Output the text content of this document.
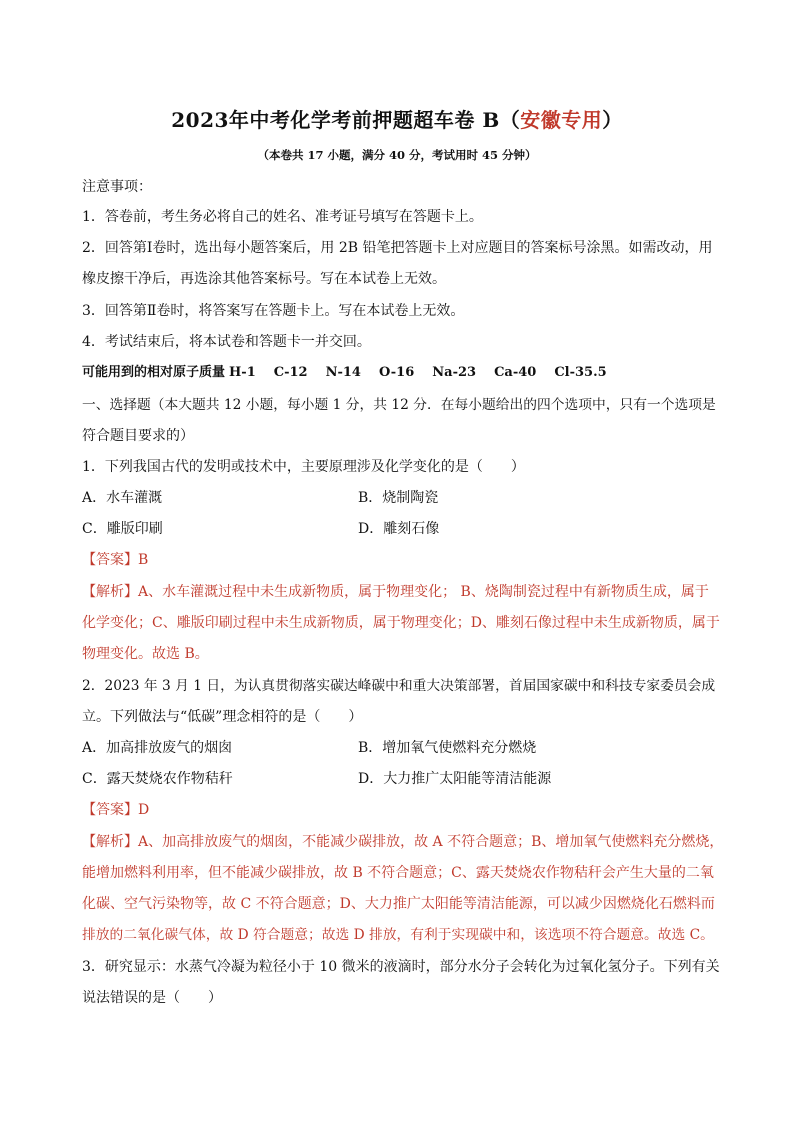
2023年中考化学考前押题超车卷 B（安徽专用）
（本卷共 17 小题，满分 40 分，考试用时 45 分钟）
注意事项：
1．答卷前，考生务必将自己的姓名、准考证号填写在答题卡上。
2．回答第Ⅰ卷时，选出每小题答案后，用 2B 铅笔把答题卡上对应题目的答案标号涂黑。如需改动，用
橡皮擦干净后，再选涂其他答案标号。写在本试卷上无效。
3．回答第Ⅱ卷时，将答案写在答题卡上。写在本试卷上无效。
4．考试结束后，将本试卷和答题卡一并交回。
可能用到的相对原子质量 H-1 C-12 N-14 O-16 Na-23 Ca-40 Cl-35.5
一、选择题（本大题共 12 小题，每小题 1 分，共 12 分．在每小题给出的四个选项中，只有一个选项是
符合题目要求的）
1．下列我国古代的发明或技术中，主要原理涉及化学变化的是（　　）
A．水车灌溉	B．烧制陶瓷
C．雕版印刷	D．雕刻石像
【答案】B
【解析】A、水车灌溉过程中未生成新物质，属于物理变化； B、烧陶制瓷过程中有新物质生成，属于
化学变化；C、雕版印刷过程中未生成新物质，属于物理变化；D、雕刻石像过程中未生成新物质，属于
物理变化。故选 B。
2．2023 年 3 月 1 日，为认真贯彻落实碳达峰碳中和重大决策部署，首届国家碳中和科技专家委员会成
立。下列做法与“低碳”理念相符的是（　　）
A．加高排放废气的烟囱	B．增加氧气使燃料充分燃烧
C．露天焚烧农作物秸秆	D．大力推广太阳能等清洁能源
【答案】D
【解析】A、加高排放废气的烟囱，不能减少碳排放，故 A 不符合题意；B、增加氧气使燃料充分燃烧，
能增加燃料利用率，但不能减少碳排放，故 B 不符合题意；C、露天焚烧农作物秸秆会产生大量的二氧
化碳、空气污染物等，故 C 不符合题意；D、大力推广太阳能等清洁能源，可以减少因燃烧化石燃料而
排放的二氧化碳气体，故 D 符合题意；故选 D 排放，有利于实现碳中和，该选项不符合题意。故选 C。
3．研究显示：水蒸气冷凝为粒径小于 10 微米的液滴时，部分水分子会转化为过氧化氢分子。下列有关
说法错误的是（　　）
